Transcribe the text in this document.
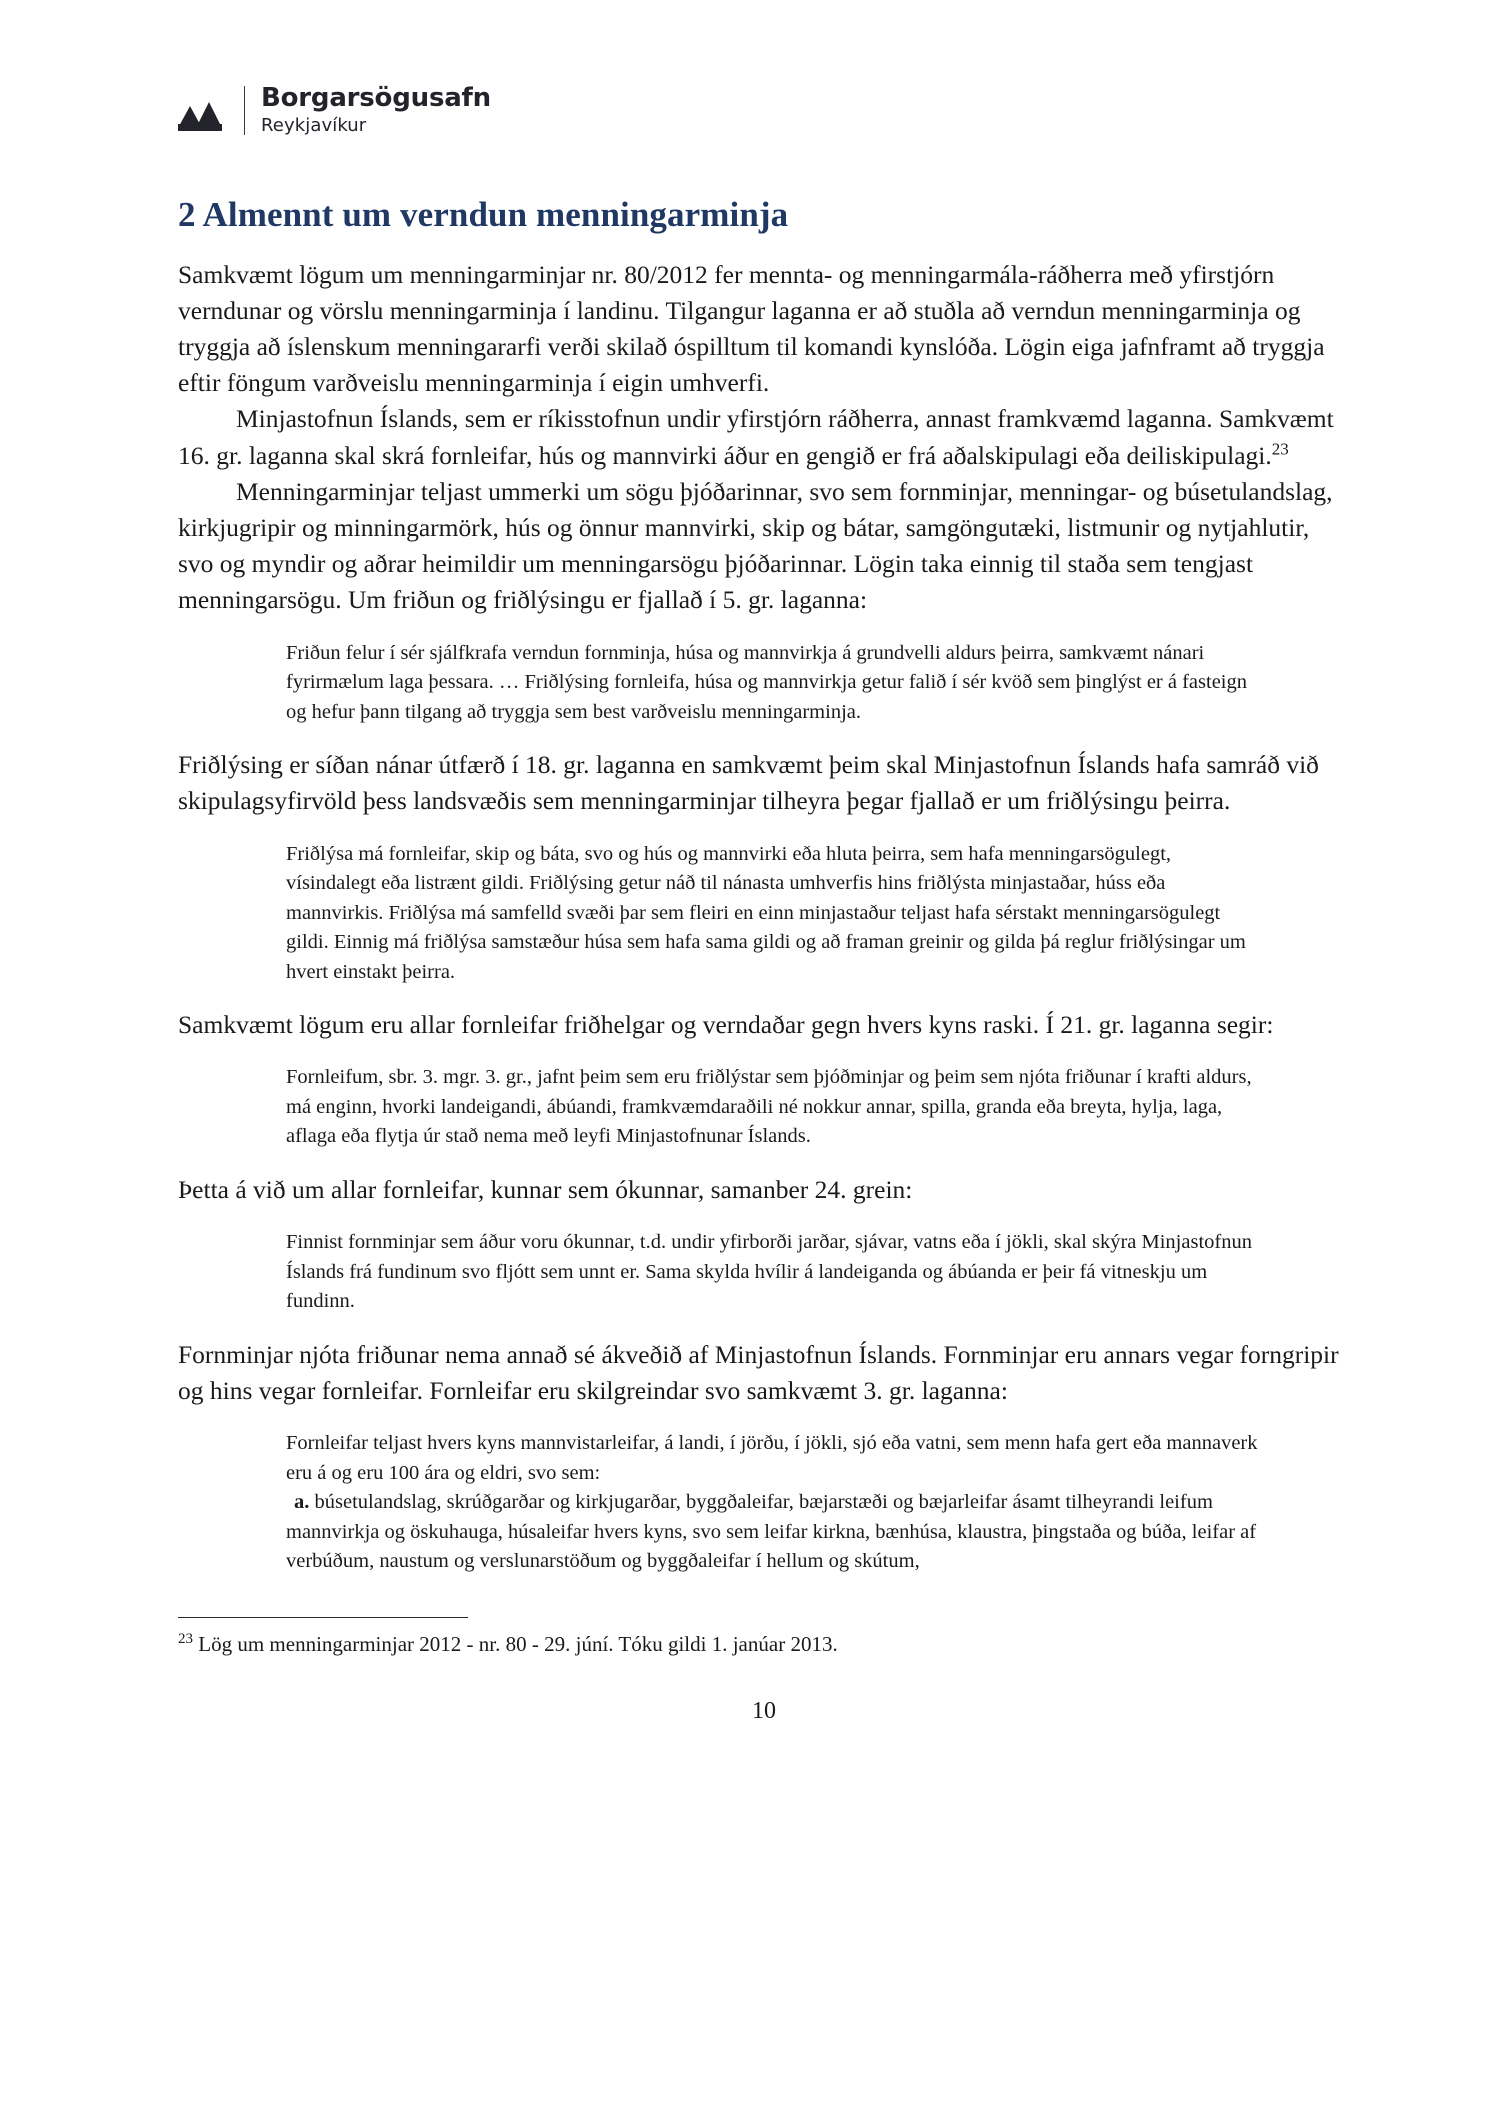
Borgarsögusafn
Reykjavíkur
2 Almennt um verndun menningarminja

Samkvæmt lögum um menningarminjar nr. 80/2012 fer mennta- og menningarmála-ráðherra með yfirstjórn verndunar og vörslu menningarminja í landinu. Tilgangur laganna er að stuðla að verndun menningarminja og tryggja að íslenskum menningararfi verði skilað óspilltum til komandi kynslóða. Lögin eiga jafnframt að tryggja eftir föngum varðveislu menningarminja í eigin umhverfi.

Minjastofnun Íslands, sem er ríkisstofnun undir yfirstjórn ráðherra, annast framkvæmd laganna. Samkvæmt 16. gr. laganna skal skrá fornleifar, hús og mannvirki áður en gengið er frá aðalskipulagi eða deiliskipulagi.$^{23}$

Menningarminjar teljast ummerki um sögu þjóðarinnar, svo sem fornminjar, menningar- og búsetulandslag, kirkjugripir og minningarmörk, hús og önnur mannvirki, skip og bátar, samgöngutæki, listmunir og nytjahlutir, svo og myndir og aðrar heimildir um menningarsögu þjóðarinnar. Lögin taka einnig til staða sem tengjast menningarsögu. Um friðun og friðlýsingu er fjallað í 5. gr. laganna:

Friðun felur í sér sjálfkrafa verndun fornminja, húsa og mannvirkja á grundvelli aldurs þeirra, samkvæmt nánari fyrirmælum laga þessara. … Friðlýsing fornleifa, húsa og mannvirkja getur falið í sér kvöð sem þinglýst er á fasteign og hefur þann tilgang að tryggja sem best varðveislu menningarminja.

Friðlýsing er síðan nánar útfærð í 18. gr. laganna en samkvæmt þeim skal Minjastofnun Íslands hafa samráð við skipulagsyfirvöld þess landsvæðis sem menningarminjar tilheyra þegar fjallað er um friðlýsingu þeirra.

Friðlýsa má fornleifar, skip og báta, svo og hús og mannvirki eða hluta þeirra, sem hafa menningarsögulegt, vísindalegt eða listrænt gildi. Friðlýsing getur náð til nánasta umhverfis hins friðlýsta minjastaðar, húss eða mannvirkis. Friðlýsa má samfelld svæði þar sem fleiri en einn minjastaður teljast hafa sérstakt menningarsögulegt gildi. Einnig má friðlýsa samstæður húsa sem hafa sama gildi og að framan greinir og gilda þá reglur friðlýsingar um hvert einstakt þeirra.

Samkvæmt lögum eru allar fornleifar friðhelgar og verndaðar gegn hvers kyns raski. Í 21. gr. laganna segir:

Fornleifum, sbr. 3. mgr. 3. gr., jafnt þeim sem eru friðlýstar sem þjóðminjar og þeim sem njóta friðunar í krafti aldurs, má enginn, hvorki landeigandi, ábúandi, framkvæmdaraðili né nokkur annar, spilla, granda eða breyta, hylja, laga, aflaga eða flytja úr stað nema með leyfi Minjastofnunar Íslands.

Þetta á við um allar fornleifar, kunnar sem ókunnar, samanber 24. grein:

Finnist fornminjar sem áður voru ókunnar, t.d. undir yfirborði jarðar, sjávar, vatns eða í jökli, skal skýra Minjastofnun Íslands frá fundinum svo fljótt sem unnt er. Sama skylda hvílir á landeiganda og ábúanda er þeir fá vitneskju um fundinn.

Fornminjar njóta friðunar nema annað sé ákveðið af Minjastofnun Íslands. Fornminjar eru annars vegar forngripir og hins vegar fornleifar. Fornleifar eru skilgreindar svo samkvæmt 3. gr. laganna:

Fornleifar teljast hvers kyns mannvistarleifar, á landi, í jörðu, í jökli, sjó eða vatni, sem menn hafa gert eða mannaverk eru á og eru 100 ára og eldri, svo sem:

a. búsetulandslag, skrúðgarðar og kirkjugarðar, byggðaleifar, bæjarstæði og bæjarleifar ásamt tilheyrandi leifum mannvirkja og öskuhauga, húsaleifar hvers kyns, svo sem leifar kirkna, bænhúsa, klaustra, þingstaða og búða, leifar af verbúðum, naustum og verslunarstöðum og byggðaleifar í hellum og skútum,

$^{23}$ Lög um menningarminjar 2012 - nr. 80 - 29. júní. Tóku gildi 1. janúar 2013.

10
